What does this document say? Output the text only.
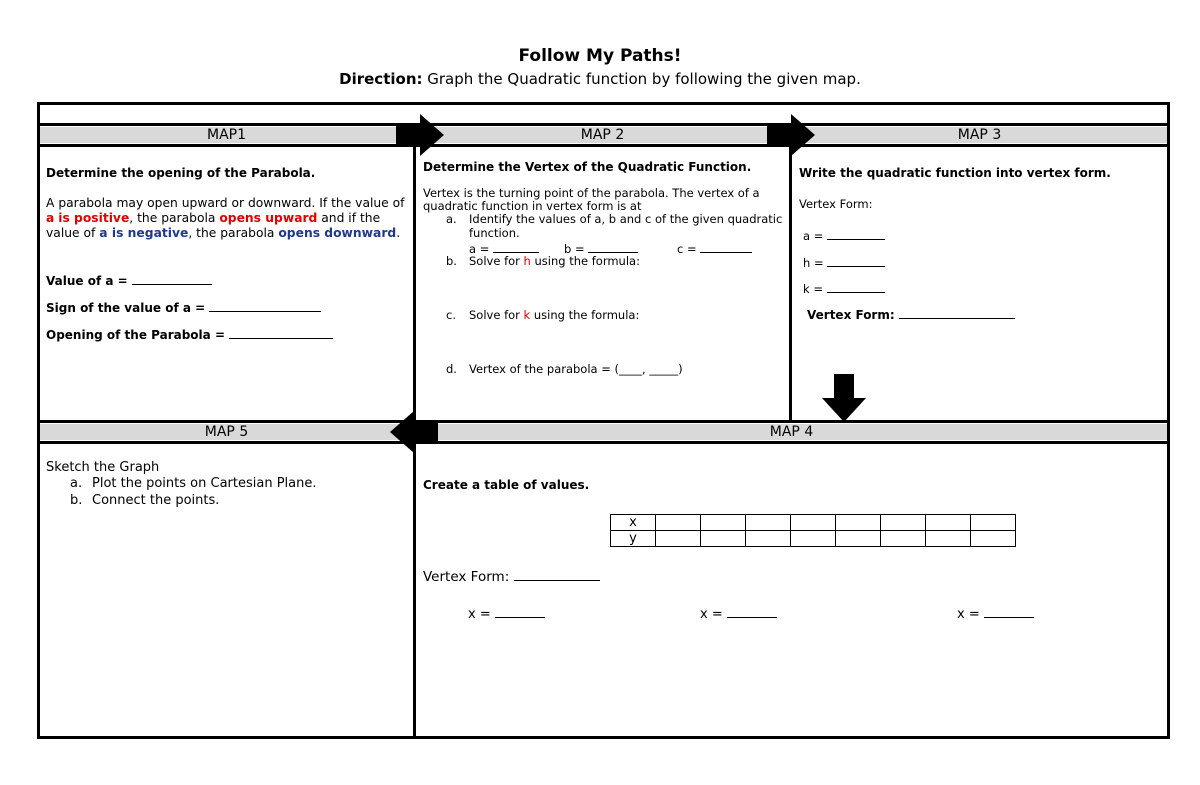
Follow My Paths!
Direction: Graph the Quadratic function by following the given map.
MAP1	MAP 2	MAP 3
MAP 5	MAP 4
Determine the opening of the Parabola.
A parabola may open upward or downward. If the value of a is positive, the parabola opens upward and if the value of a is negative, the parabola opens downward.
Value of a =
Sign of the value of a =
Opening of the Parabola =
Determine the Vertex of the Quadratic Function.
Vertex is the turning point of the parabola. The vertex of a
quadratic function in vertex form is at
a. Identify the values of a, b and c of the given quadratic
function.
a =	b =	c =
b. Solve for h using the formula:
c. Solve for k using the formula:
d. Vertex of the parabola = (____, _____)
Write the quadratic function into vertex form.
Vertex Form:
a =
h =
k =
Vertex Form:
Sketch the Graph
a. Plot the points on Cartesian Plane.
b. Connect the points.
Create a table of values.
x								
y								
Vertex Form:
x =	x =	x =
